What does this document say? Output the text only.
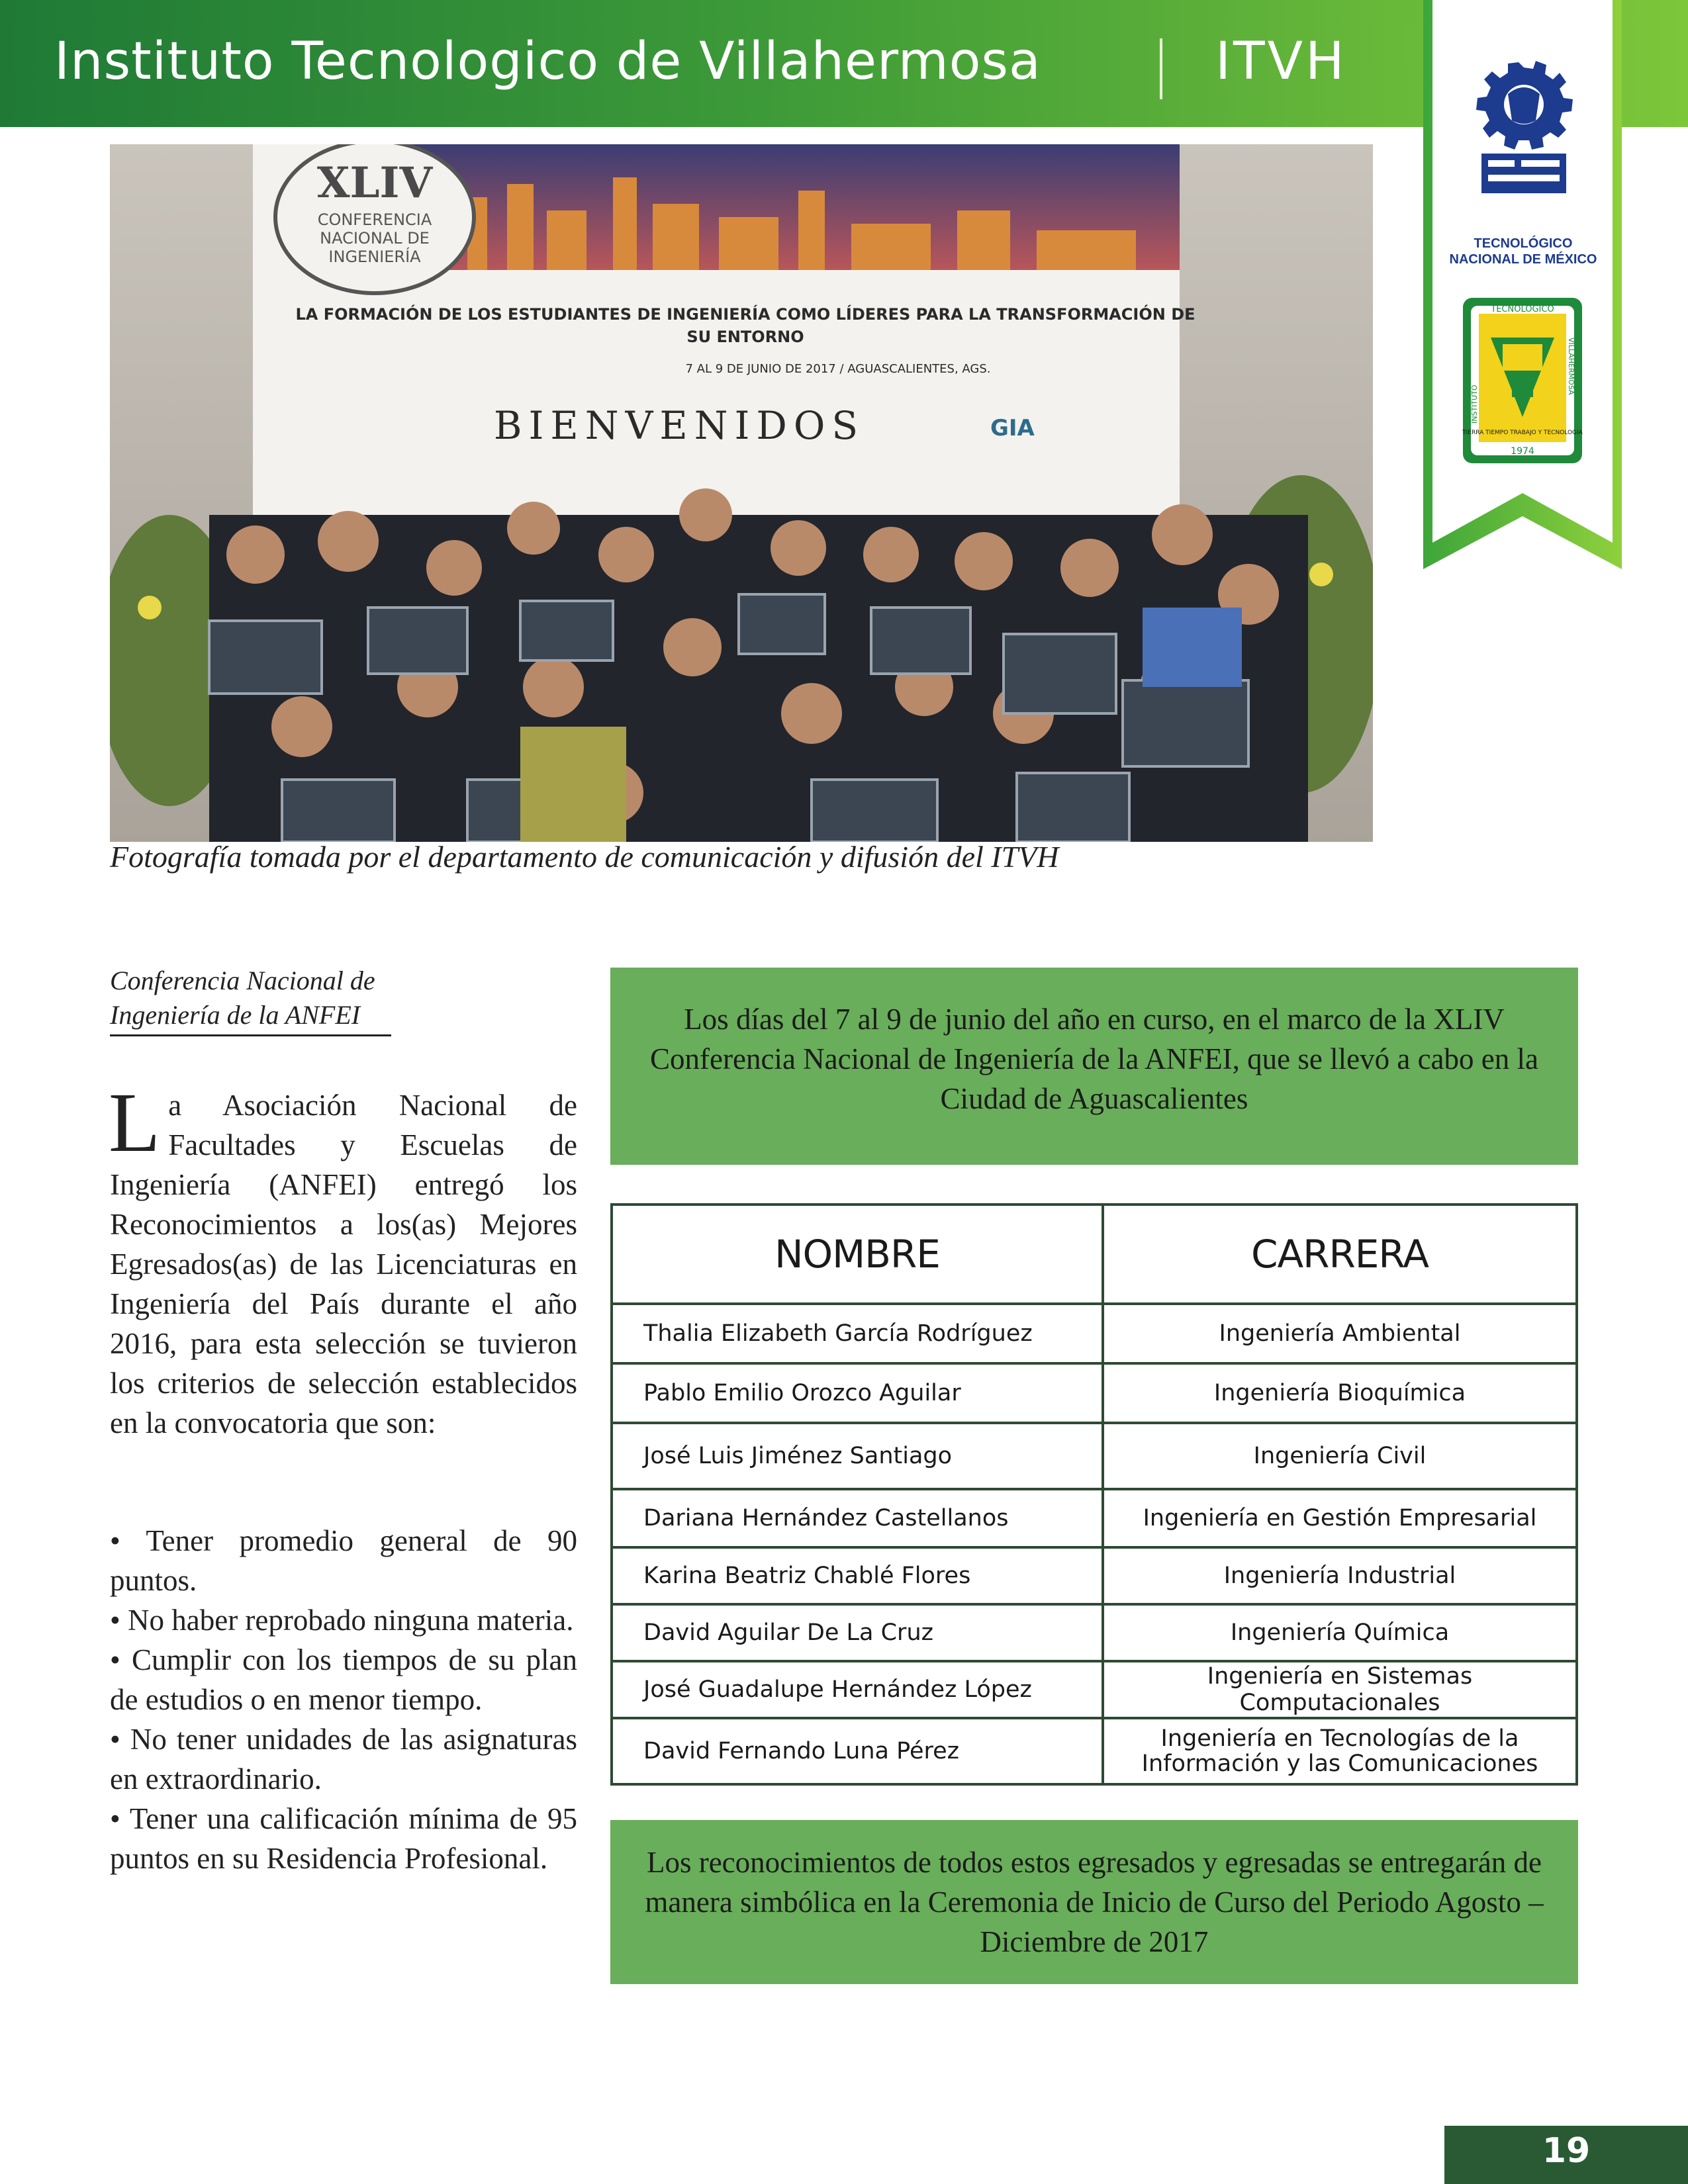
Instituto Tecnologico de Villahermosa	ITVH
TECNOLÓGICO NACIONAL DE MÉXICO
TECNOLOGICO
1974
INSTITUTO
VILLAHERMOSA
TIERRA TIEMPO TRABAJO Y TECNOLOGIA
XLIV
CONFERENCIA NACIONAL DE INGENIERÍA
LA FORMACIÓN DE LOS ESTUDIANTES DE INGENIERÍA COMO LÍDERES PARA LA TRANSFORMACIÓN DE SU ENTORNO
7 AL 9 DE JUNIO DE 2017 / AGUASCALIENTES, AGS.
BIENVENIDOS	GIA
Fotografía tomada por el departamento de comunicación y difusión del ITVH
Conferencia Nacional de Ingeniería de la ANFEI
La Asociación Nacional de Facultades y Escuelas de Ingeniería (ANFEI) entregó los Reconocimientos a los(as) Mejores Egresados(as) de las Licenciaturas en Ingeniería del País durante el año 2016, para esta selección se tuvieron los criterios de selección establecidos en la convocatoria que son:
• Tener promedio general de 90 puntos.
• No haber reprobado ninguna materia.
• Cumplir con los tiempos de su plan de estudios o en menor tiempo.
• No tener unidades de las asignaturas en extraordinario.
• Tener una calificación mínima de 95 puntos en su Residencia Profesional.
Los días del 7 al 9 de junio del año en curso, en el marco de la XLIV Conferencia Nacional de Ingeniería de la ANFEI, que se llevó a cabo en la Ciudad de Aguascalientes
NOMBRE	CARRERA
Thalia Elizabeth García Rodríguez	Ingeniería Ambiental
Pablo Emilio Orozco Aguilar	Ingeniería Bioquímica
José Luis Jiménez Santiago	Ingeniería Civil
Dariana Hernández Castellanos	Ingeniería en Gestión Empresarial
Karina Beatriz Chablé Flores	Ingeniería Industrial
David Aguilar De La Cruz	Ingeniería Química
José Guadalupe Hernández López	Ingeniería en Sistemas Computacionales
David Fernando Luna Pérez	Ingeniería en Tecnologías de la Información y las Comunicaciones
Los reconocimientos de todos estos egresados y egresadas se entregarán de manera simbólica en la Ceremonia de Inicio de Curso del Periodo Agosto – Diciembre de 2017
19
